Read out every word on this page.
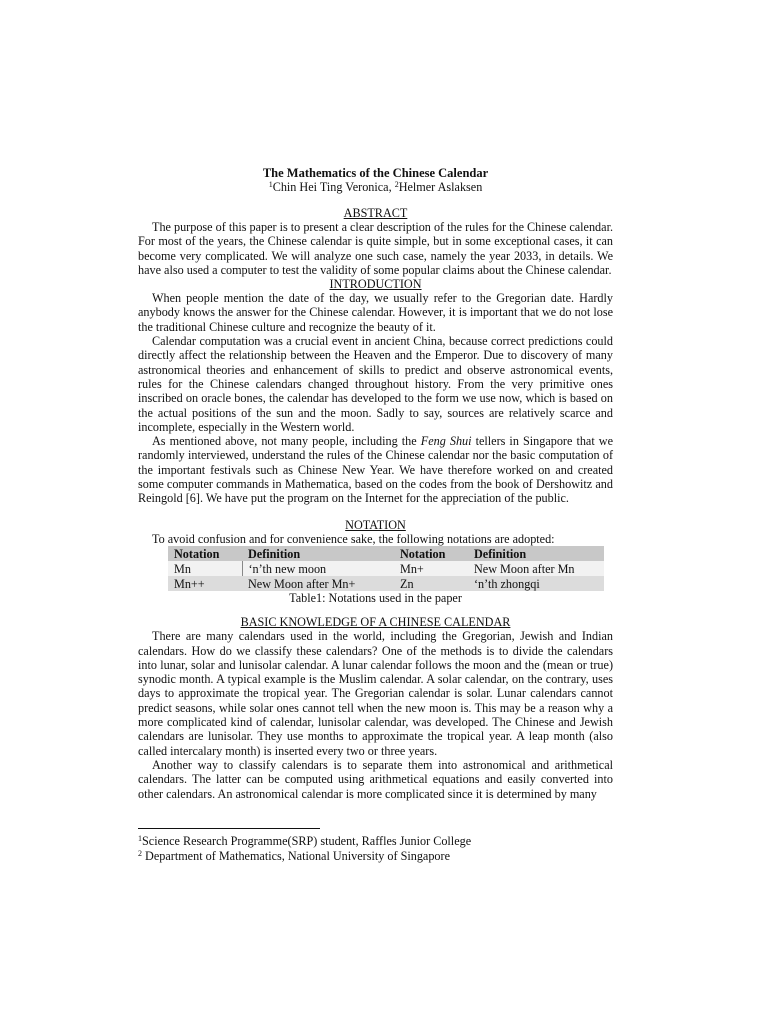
The Mathematics of the Chinese Calendar
$^1$Chin Hei Ting Veronica, $^2$Helmer Aslaksen
ABSTRACT

The purpose of this paper is to present a clear description of the rules for the Chinese calendar. For most of the years, the Chinese calendar is quite simple, but in some exceptional cases, it can become very complicated. We will analyze one such case, namely the year 2033, in details. We have also used a computer to test the validity of some popular claims about the Chinese calendar.

INTRODUCTION

When people mention the date of the day, we usually refer to the Gregorian date. Hardly anybody knows the answer for the Chinese calendar. However, it is important that we do not lose the traditional Chinese culture and recognize the beauty of it.

Calendar computation was a crucial event in ancient China, because correct predictions could directly affect the relationship between the Heaven and the Emperor. Due to discovery of many astronomical theories and enhancement of skills to predict and observe astronomical events, rules for the Chinese calendars changed throughout history. From the very primitive ones inscribed on oracle bones, the calendar has developed to the form we use now, which is based on the actual positions of the sun and the moon. Sadly to say, sources are relatively scarce and incomplete, especially in the Western world.

As mentioned above, not many people, including the Feng Shui tellers in Singapore that we randomly interviewed, understand the rules of the Chinese calendar nor the basic computation of the important festivals such as Chinese New Year. We have therefore worked on and created some computer commands in Mathematica, based on the codes from the book of Dershowitz and Reingold [6]. We have put the program on the Internet for the appreciation of the public.

NOTATION

To avoid confusion and for convenience sake, the following notations are adopted:

Notation	Definition	Notation	Definition
Mn	‘n’th new moon	Mn+	New Moon after Mn
Mn++	New Moon after Mn+	Zn	‘n’th zhongqi
Table1: Notations used in the paper
BASIC KNOWLEDGE OF A CHINESE CALENDAR

There are many calendars used in the world, including the Gregorian, Jewish and Indian calendars. How do we classify these calendars? One of the methods is to divide the calendars into lunar, solar and lunisolar calendar. A lunar calendar follows the moon and the (mean or true) synodic month. A typical example is the Muslim calendar. A solar calendar, on the contrary, uses days to approximate the tropical year. The Gregorian calendar is solar. Lunar calendars cannot predict seasons, while solar ones cannot tell when the new moon is. This may be a reason why a more complicated kind of calendar, lunisolar calendar, was developed. The Chinese and Jewish calendars are lunisolar. They use months to approximate the tropical year. A leap month (also called intercalary month) is inserted every two or three years.

Another way to classify calendars is to separate them into astronomical and arithmetical calendars. The latter can be computed using arithmetical equations and easily converted into other calendars. An astronomical calendar is more complicated since it is determined by many

$^1$Science Research Programme(SRP) student, Raffles Junior College
$^2$ Department of Mathematics, National University of Singapore
